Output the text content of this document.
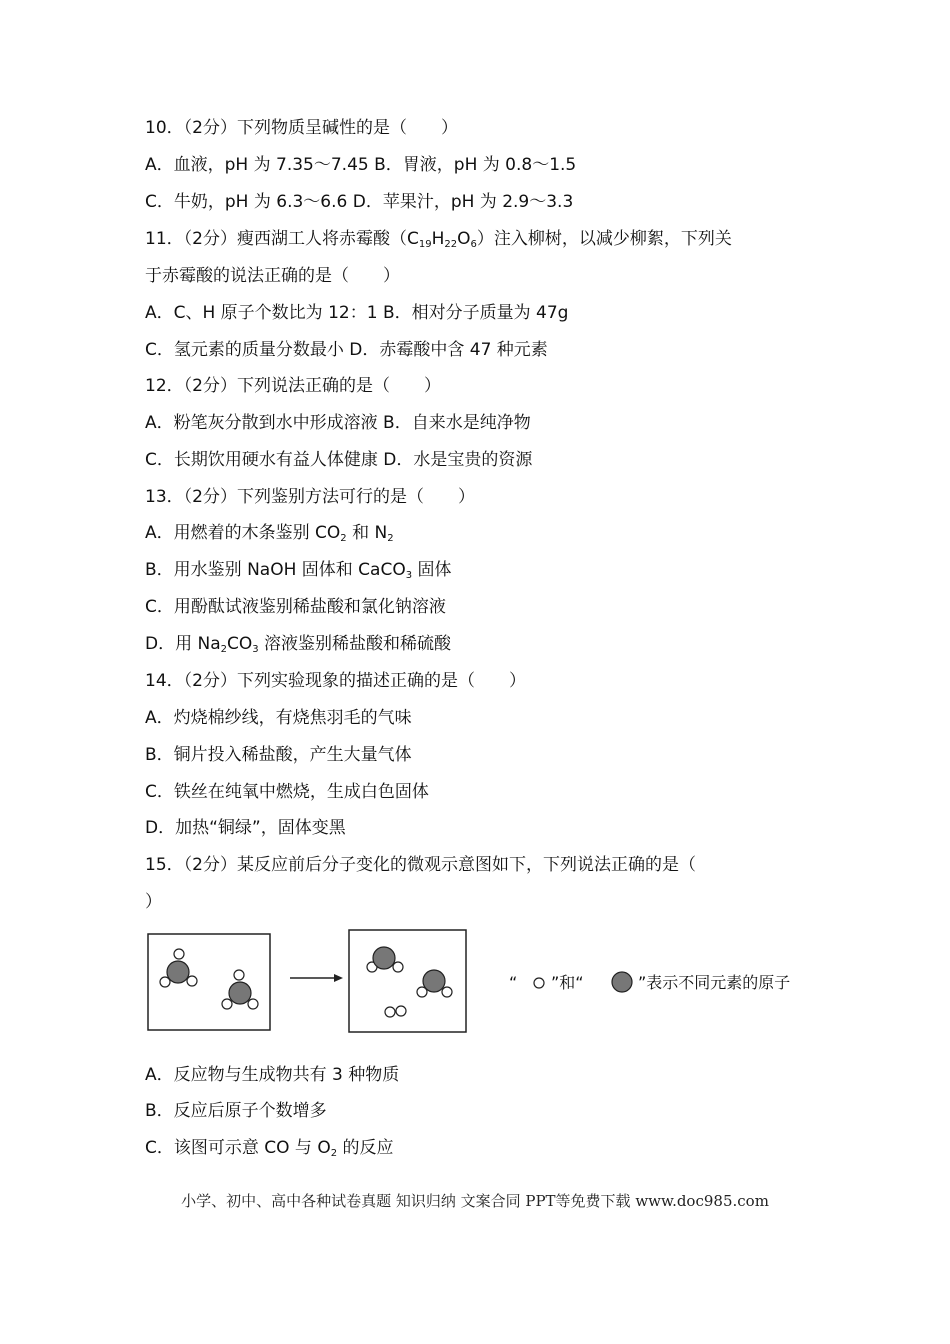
10．（2分）下列物质呈碱性的是（　　）
A．血液，pH 为 7.35～7.45 B．胃液，pH 为 0.8～1.5
C．牛奶，pH 为 6.3～6.6 D．苹果汁，pH 为 2.9～3.3
11．（2分）瘦西湖工人将赤霉酸$(C_{19}H_{22}O_6)$注入柳树，以减少柳絮，下列关
于赤霉酸的说法正确的是（　　）
A．C、H 原子个数比为 12：1 B．相对分子质量为 47g
C．氢元素的质量分数最小 D．赤霉酸中含 47 种元素
12．（2分）下列说法正确的是（　　）
A．粉笔灰分散到水中形成溶液 B．自来水是纯净物
C．长期饮用硬水有益人体健康 D．水是宝贵的资源
13．（2分）下列鉴别方法可行的是（　　）
A．用燃着的木条鉴别 $CO_2$ 和 $N_2$
B．用水鉴别 NaOH 固体和 CaCO$_3$ 固体
C．用酚酞试液鉴别稀盐酸和氯化钠溶液
D．用 $Na_2CO_3$ 溶液鉴别稀盐酸和稀硫酸
14．（2分）下列实验现象的描述正确的是（　　）
A．灼烧棉纱线，有烧焦羽毛的气味
B．铜片投入稀盐酸，产生大量气体
C．铁丝在纯氧中燃烧，生成白色固体
D．加热“铜绿”，固体变黑
15．（2分）某反应前后分子变化的微观示意图如下，下列说法正确的是（
）
“ ”和“	”表示不同元素的原子
A．反应物与生成物共有 3 种物质
B．反应后原子个数增多
C．该图可示意 CO 与 $O_2$ 的反应
小学、初中、高中各种试卷真题 知识归纳 文案合同 PPT等免费下载 www.doc985.com
